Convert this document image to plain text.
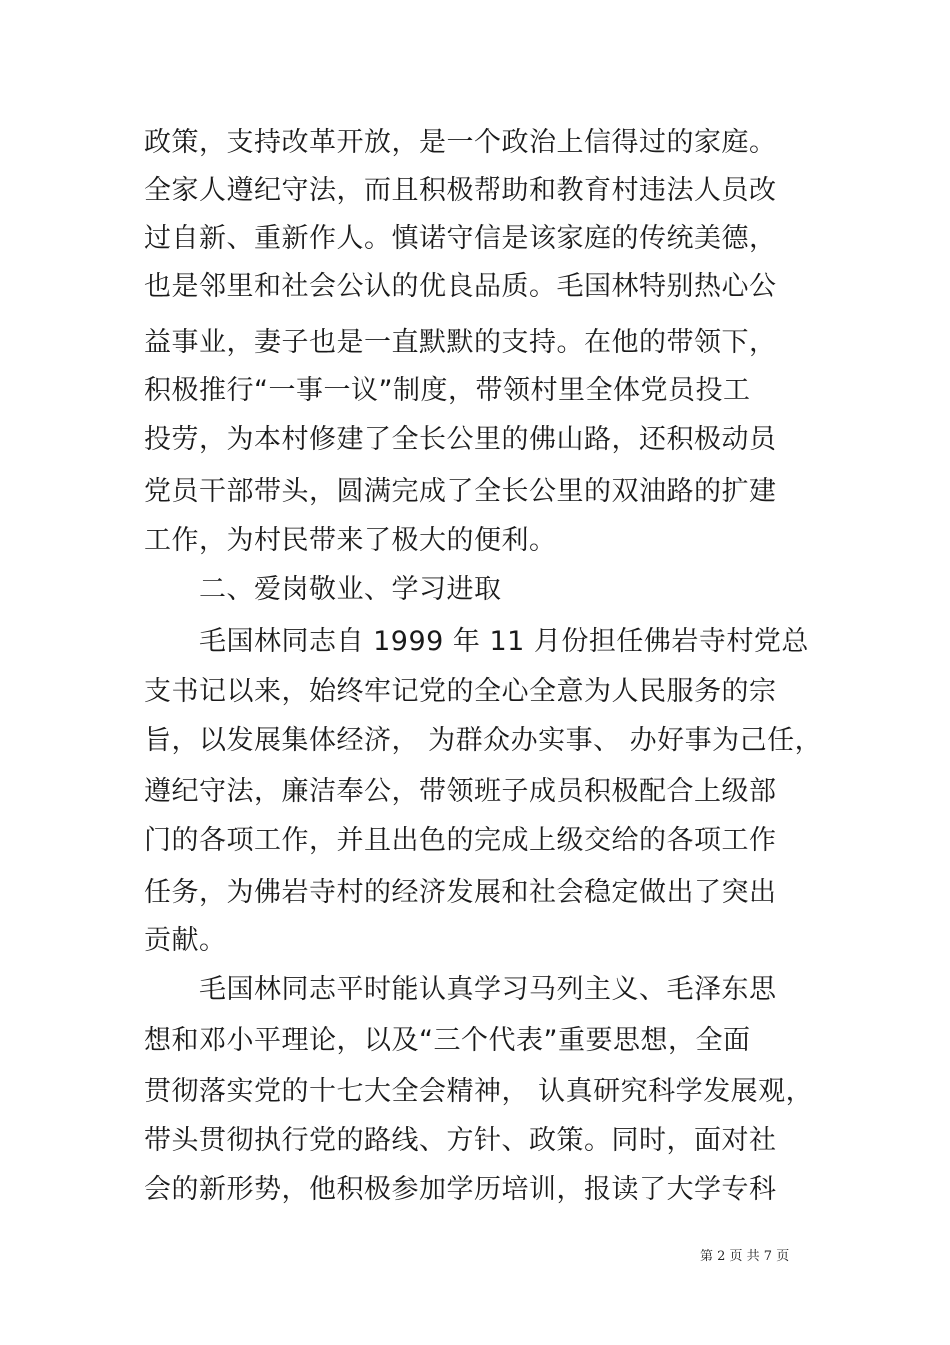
政策，支持改革开放，是一个政治上信得过的家庭。
全家人遵纪守法，而且积极帮助和教育村违法人员改
过自新、重新作人。慎诺守信是该家庭的传统美德，
也是邻里和社会公认的优良品质。毛国林特别热心公
益事业，妻子也是一直默默的支持。在他的带领下，
积极推行“一事一议”制度，带领村里全体党员投工
投劳，为本村修建了全长公里的佛山路，还积极动员
党员干部带头，圆满完成了全长公里的双油路的扩建
工作，为村民带来了极大的便利。
二、爱岗敬业、学习进取
毛国林同志自 1999 年 11 月份担任佛岩寺村党总
支书记以来，始终牢记党的全心全意为人民服务的宗
旨，以发展集体经济， 为群众办实事、 办好事为己任，
遵纪守法，廉洁奉公，带领班子成员积极配合上级部
门的各项工作，并且出色的完成上级交给的各项工作
任务，为佛岩寺村的经济发展和社会稳定做出了突出
贡献。
毛国林同志平时能认真学习马列主义、毛泽东思
想和邓小平理论，以及“三个代表”重要思想，全面
贯彻落实党的十七大全会精神， 认真研究科学发展观，
带头贯彻执行党的路线、方针、政策。同时，面对社
会的新形势，他积极参加学历培训，报读了大学专科
第 2 页 共 7 页
